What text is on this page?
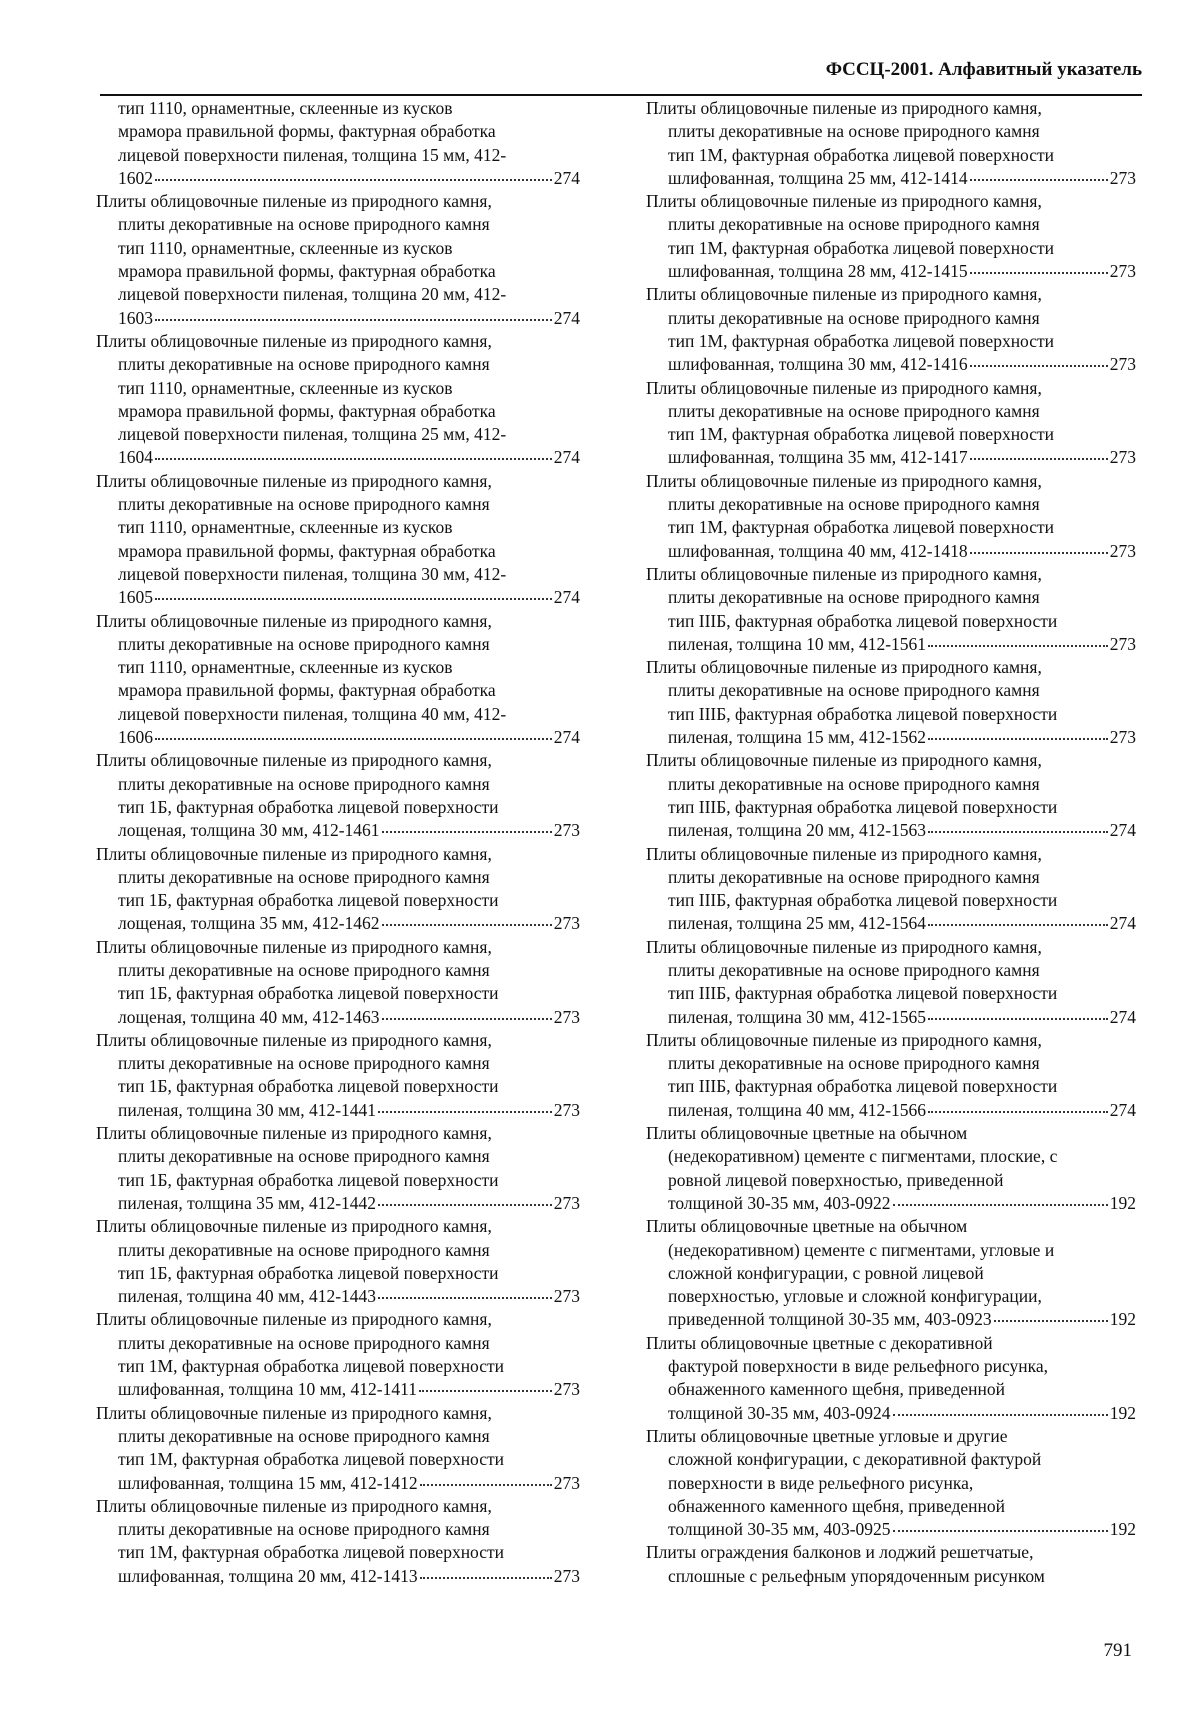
ФССЦ-2001. Алфавитный указатель
тип 1110, орнаментные, склеенные из кусков
мрамора правильной формы, фактурная обработка
лицевой поверхности пиленая, толщина 15 мм, 412-
1602	274
Плиты облицовочные пиленые из природного камня,
плиты декоративные на основе природного камня
тип 1110, орнаментные, склеенные из кусков
мрамора правильной формы, фактурная обработка
лицевой поверхности пиленая, толщина 20 мм, 412-
1603	274
Плиты облицовочные пиленые из природного камня,
плиты декоративные на основе природного камня
тип 1110, орнаментные, склеенные из кусков
мрамора правильной формы, фактурная обработка
лицевой поверхности пиленая, толщина 25 мм, 412-
1604	274
Плиты облицовочные пиленые из природного камня,
плиты декоративные на основе природного камня
тип 1110, орнаментные, склеенные из кусков
мрамора правильной формы, фактурная обработка
лицевой поверхности пиленая, толщина 30 мм, 412-
1605	274
Плиты облицовочные пиленые из природного камня,
плиты декоративные на основе природного камня
тип 1110, орнаментные, склеенные из кусков
мрамора правильной формы, фактурная обработка
лицевой поверхности пиленая, толщина 40 мм, 412-
1606	274
Плиты облицовочные пиленые из природного камня,
плиты декоративные на основе природного камня
тип 1Б, фактурная обработка лицевой поверхности
лощеная, толщина 30 мм, 412-1461	273
Плиты облицовочные пиленые из природного камня,
плиты декоративные на основе природного камня
тип 1Б, фактурная обработка лицевой поверхности
лощеная, толщина 35 мм, 412-1462	273
Плиты облицовочные пиленые из природного камня,
плиты декоративные на основе природного камня
тип 1Б, фактурная обработка лицевой поверхности
лощеная, толщина 40 мм, 412-1463	273
Плиты облицовочные пиленые из природного камня,
плиты декоративные на основе природного камня
тип 1Б, фактурная обработка лицевой поверхности
пиленая, толщина 30 мм, 412-1441	273
Плиты облицовочные пиленые из природного камня,
плиты декоративные на основе природного камня
тип 1Б, фактурная обработка лицевой поверхности
пиленая, толщина 35 мм, 412-1442	273
Плиты облицовочные пиленые из природного камня,
плиты декоративные на основе природного камня
тип 1Б, фактурная обработка лицевой поверхности
пиленая, толщина 40 мм, 412-1443	273
Плиты облицовочные пиленые из природного камня,
плиты декоративные на основе природного камня
тип 1М, фактурная обработка лицевой поверхности
шлифованная, толщина 10 мм, 412-1411	273
Плиты облицовочные пиленые из природного камня,
плиты декоративные на основе природного камня
тип 1М, фактурная обработка лицевой поверхности
шлифованная, толщина 15 мм, 412-1412	273
Плиты облицовочные пиленые из природного камня,
плиты декоративные на основе природного камня
тип 1М, фактурная обработка лицевой поверхности
шлифованная, толщина 20 мм, 412-1413	273
Плиты облицовочные пиленые из природного камня,
плиты декоративные на основе природного камня
тип 1М, фактурная обработка лицевой поверхности
шлифованная, толщина 25 мм, 412-1414	273
Плиты облицовочные пиленые из природного камня,
плиты декоративные на основе природного камня
тип 1М, фактурная обработка лицевой поверхности
шлифованная, толщина 28 мм, 412-1415	273
Плиты облицовочные пиленые из природного камня,
плиты декоративные на основе природного камня
тип 1М, фактурная обработка лицевой поверхности
шлифованная, толщина 30 мм, 412-1416	273
Плиты облицовочные пиленые из природного камня,
плиты декоративные на основе природного камня
тип 1М, фактурная обработка лицевой поверхности
шлифованная, толщина 35 мм, 412-1417	273
Плиты облицовочные пиленые из природного камня,
плиты декоративные на основе природного камня
тип 1М, фактурная обработка лицевой поверхности
шлифованная, толщина 40 мм, 412-1418	273
Плиты облицовочные пиленые из природного камня,
плиты декоративные на основе природного камня
тип IIIБ, фактурная обработка лицевой поверхности
пиленая, толщина 10 мм, 412-1561	273
Плиты облицовочные пиленые из природного камня,
плиты декоративные на основе природного камня
тип IIIБ, фактурная обработка лицевой поверхности
пиленая, толщина 15 мм, 412-1562	273
Плиты облицовочные пиленые из природного камня,
плиты декоративные на основе природного камня
тип IIIБ, фактурная обработка лицевой поверхности
пиленая, толщина 20 мм, 412-1563	274
Плиты облицовочные пиленые из природного камня,
плиты декоративные на основе природного камня
тип IIIБ, фактурная обработка лицевой поверхности
пиленая, толщина 25 мм, 412-1564	274
Плиты облицовочные пиленые из природного камня,
плиты декоративные на основе природного камня
тип IIIБ, фактурная обработка лицевой поверхности
пиленая, толщина 30 мм, 412-1565	274
Плиты облицовочные пиленые из природного камня,
плиты декоративные на основе природного камня
тип IIIБ, фактурная обработка лицевой поверхности
пиленая, толщина 40 мм, 412-1566	274
Плиты облицовочные цветные на обычном
(недекоративном) цементе с пигментами, плоские, с
ровной лицевой поверхностью, приведенной
толщиной 30-35 мм, 403-0922	192
Плиты облицовочные цветные на обычном
(недекоративном) цементе с пигментами, угловые и
сложной конфигурации, с ровной лицевой
поверхностью, угловые и сложной конфигурации,
приведенной толщиной 30-35 мм, 403-0923	192
Плиты облицовочные цветные с декоративной
фактурой поверхности в виде рельефного рисунка,
обнаженного каменного щебня, приведенной
толщиной 30-35 мм, 403-0924	192
Плиты облицовочные цветные угловые и другие
сложной конфигурации, с декоративной фактурой
поверхности в виде рельефного рисунка,
обнаженного каменного щебня, приведенной
толщиной 30-35 мм, 403-0925	192
Плиты ограждения балконов и лоджий решетчатые,
сплошные с рельефным упорядоченным рисунком
791
